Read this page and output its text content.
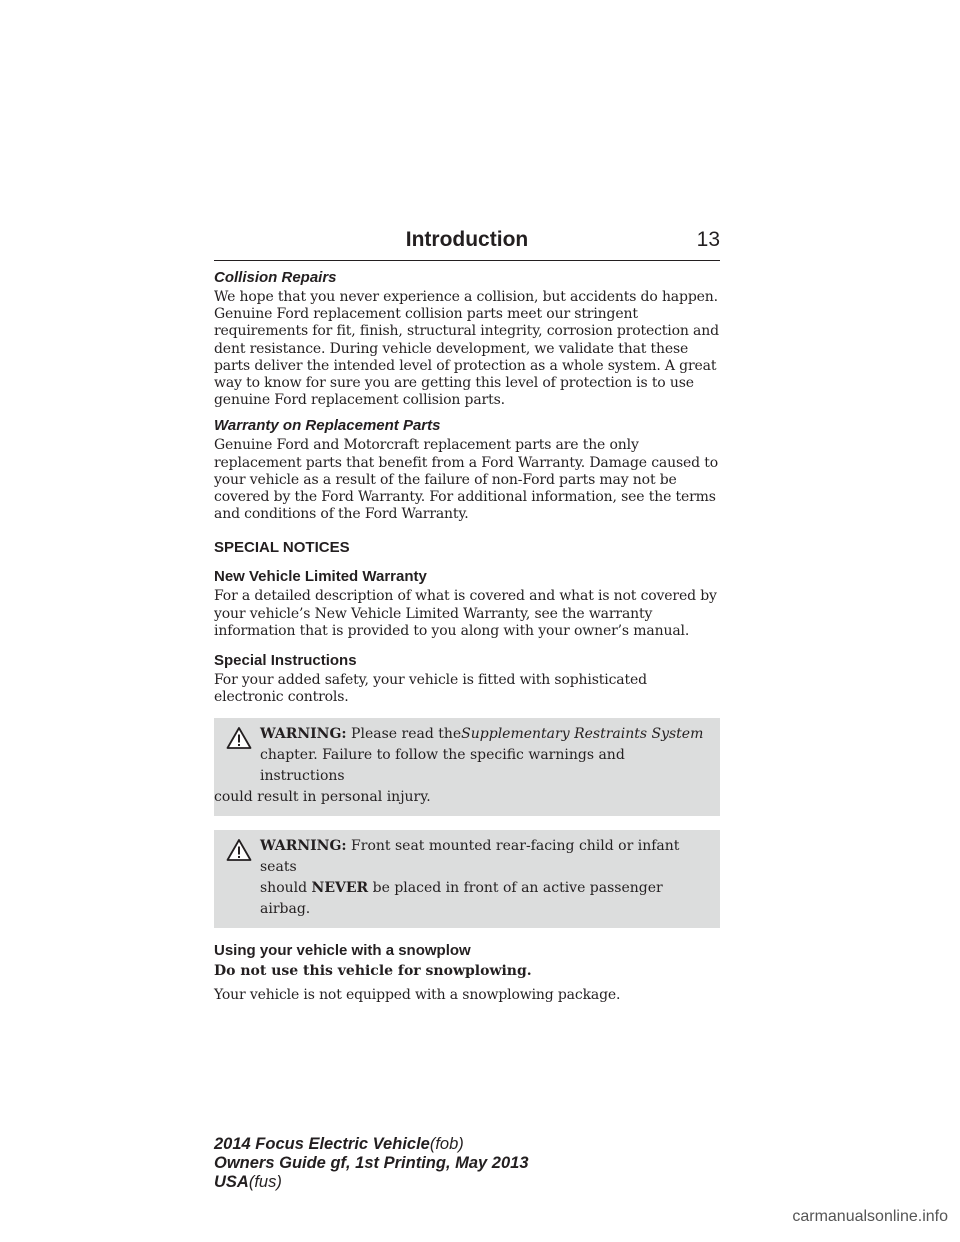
Introduction	13
Collision Repairs

We hope that you never experience a collision, but accidents do happen. Genuine Ford replacement collision parts meet our stringent requirements for fit, finish, structural integrity, corrosion protection and dent resistance. During vehicle development, we validate that these parts deliver the intended level of protection as a whole system. A great way to know for sure you are getting this level of protection is to use genuine Ford replacement collision parts.

Warranty on Replacement Parts

Genuine Ford and Motorcraft replacement parts are the only replacement parts that benefit from a Ford Warranty. Damage caused to your vehicle as a result of the failure of non-Ford parts may not be covered by the Ford Warranty. For additional information, see the terms and conditions of the Ford Warranty.

SPECIAL NOTICES
New Vehicle Limited Warranty

For a detailed description of what is covered and what is not covered by your vehicle’s New Vehicle Limited Warranty, see the warranty information that is provided to you along with your owner’s manual.

Special Instructions

For your added safety, your vehicle is fitted with sophisticated electronic controls.

WARNING: Please read theSupplementary Restraints System
chapter. Failure to follow the specific warnings and instructions
could result in personal injury.
WARNING: Front seat mounted rear-facing child or infant seats
should NEVER be placed in front of an active passenger airbag.
Using your vehicle with a snowplow
Do not use this vehicle for snowplowing.

Your vehicle is not equipped with a snowplowing package.

2014 Focus Electric Vehicle(fob)
Owners Guide gf, 1st Printing, May 2013
USA(fus)
carmanualsonline.info
